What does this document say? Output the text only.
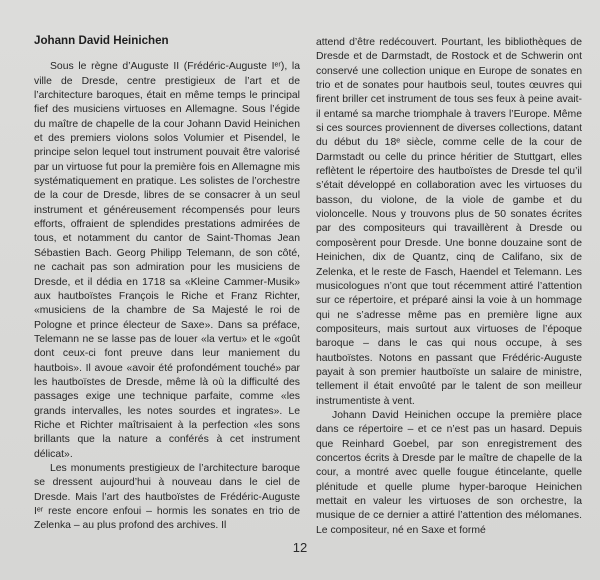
Johann David Heinichen

Sous le règne d’Auguste II (Frédéric-Auguste Iᵉʳ), la ville de Dresde, centre prestigieux de l’art et de l’architecture baroques, était en même temps le principal fief des musiciens virtuoses en Allemagne. Sous l’égide du maître de chapelle de la cour Johann David Heinichen et des premiers violons solos Volumier et Pisendel, le principe selon lequel tout instrument pouvait être valorisé par un virtuose fut pour la première fois en Allemagne mis systématiquement en pratique. Les solistes de l’orchestre de la cour de Dresde, libres de se consacrer à un seul instrument et généreusement récompensés pour leurs efforts, offraient de splendides prestations admirées de tous, et notamment du cantor de Saint-Thomas Jean Sébastien Bach. Georg Philipp Telemann, de son côté, ne cachait pas son admiration pour les musiciens de Dresde, et il dédia en 1718 sa «Kleine Cammer-Musik» aux hautboïstes François le Riche et Franz Richter, «musiciens de la chambre de Sa Majesté le roi de Pologne et prince électeur de Saxe». Dans sa préface, Telemann ne se lasse pas de louer «la vertu» et le «goût dont ceux-ci font preuve dans leur maniement du hautbois». Il avoue «avoir été profondément touché» par les hautboïstes de Dresde, même là où la difficulté des passages exige une technique parfaite, comme «les grands intervalles, les notes sourdes et ingrates». Le Riche et Richter maîtrisaient à la perfection «les sons brillants que la nature a conférés à cet instrument délicat».

Les monuments prestigieux de l’architecture baroque se dressent aujourd’hui à nouveau dans le ciel de Dresde. Mais l’art des hautboïstes de Frédéric-Auguste Iᵉʳ reste encore enfoui – hormis les sonates en trio de Zelenka – au plus profond des archives. Il

attend d’être redécouvert. Pourtant, les bibliothèques de Dresde et de Darmstadt, de Rostock et de Schwerin ont conservé une collection unique en Europe de sonates en trio et de sonates pour hautbois seul, toutes œuvres qui firent briller cet instrument de tous ses feux à peine avait-il entamé sa marche triomphale à travers l’Europe. Même si ces sources proviennent de diverses collections, datant du début du 18ᵉ siècle, comme celle de la cour de Darmstadt ou celle du prince héritier de Stuttgart, elles reflètent le répertoire des hautboïstes de Dresde tel qu’il s’était développé en collaboration avec les virtuoses du basson, du violone, de la viole de gambe et du violoncelle. Nous y trouvons plus de 50 sonates écrites par des compositeurs qui travaillèrent à Dresde ou composèrent pour Dresde. Une bonne douzaine sont de Heinichen, dix de Quantz, cinq de Califano, six de Zelenka, et le reste de Fasch, Haendel et Telemann. Les musicologues n’ont que tout récemment attiré l’attention sur ce répertoire, et préparé ainsi la voie à un hommage qui ne s’adresse même pas en première ligne aux compositeurs, mais surtout aux virtuoses de l’époque baroque – dans le cas qui nous occupe, à ses hautboïstes. Notons en passant que Frédéric-Auguste payait à son premier hautboïste un salaire de ministre, tellement il était envoûté par le talent de son meilleur instrumentiste à vent.

Johann David Heinichen occupe la première place dans ce répertoire – et ce n’est pas un hasard. Depuis que Reinhard Goebel, par son enregistrement des concertos écrits à Dresde par le maître de chapelle de la cour, a montré avec quelle fougue étincelante, quelle plénitude et quelle plume hyper-baroque Heinichen mettait en valeur les virtuoses de son orchestre, la musique de ce dernier a attiré l’attention des mélomanes. Le compositeur, né en Saxe et formé

12
